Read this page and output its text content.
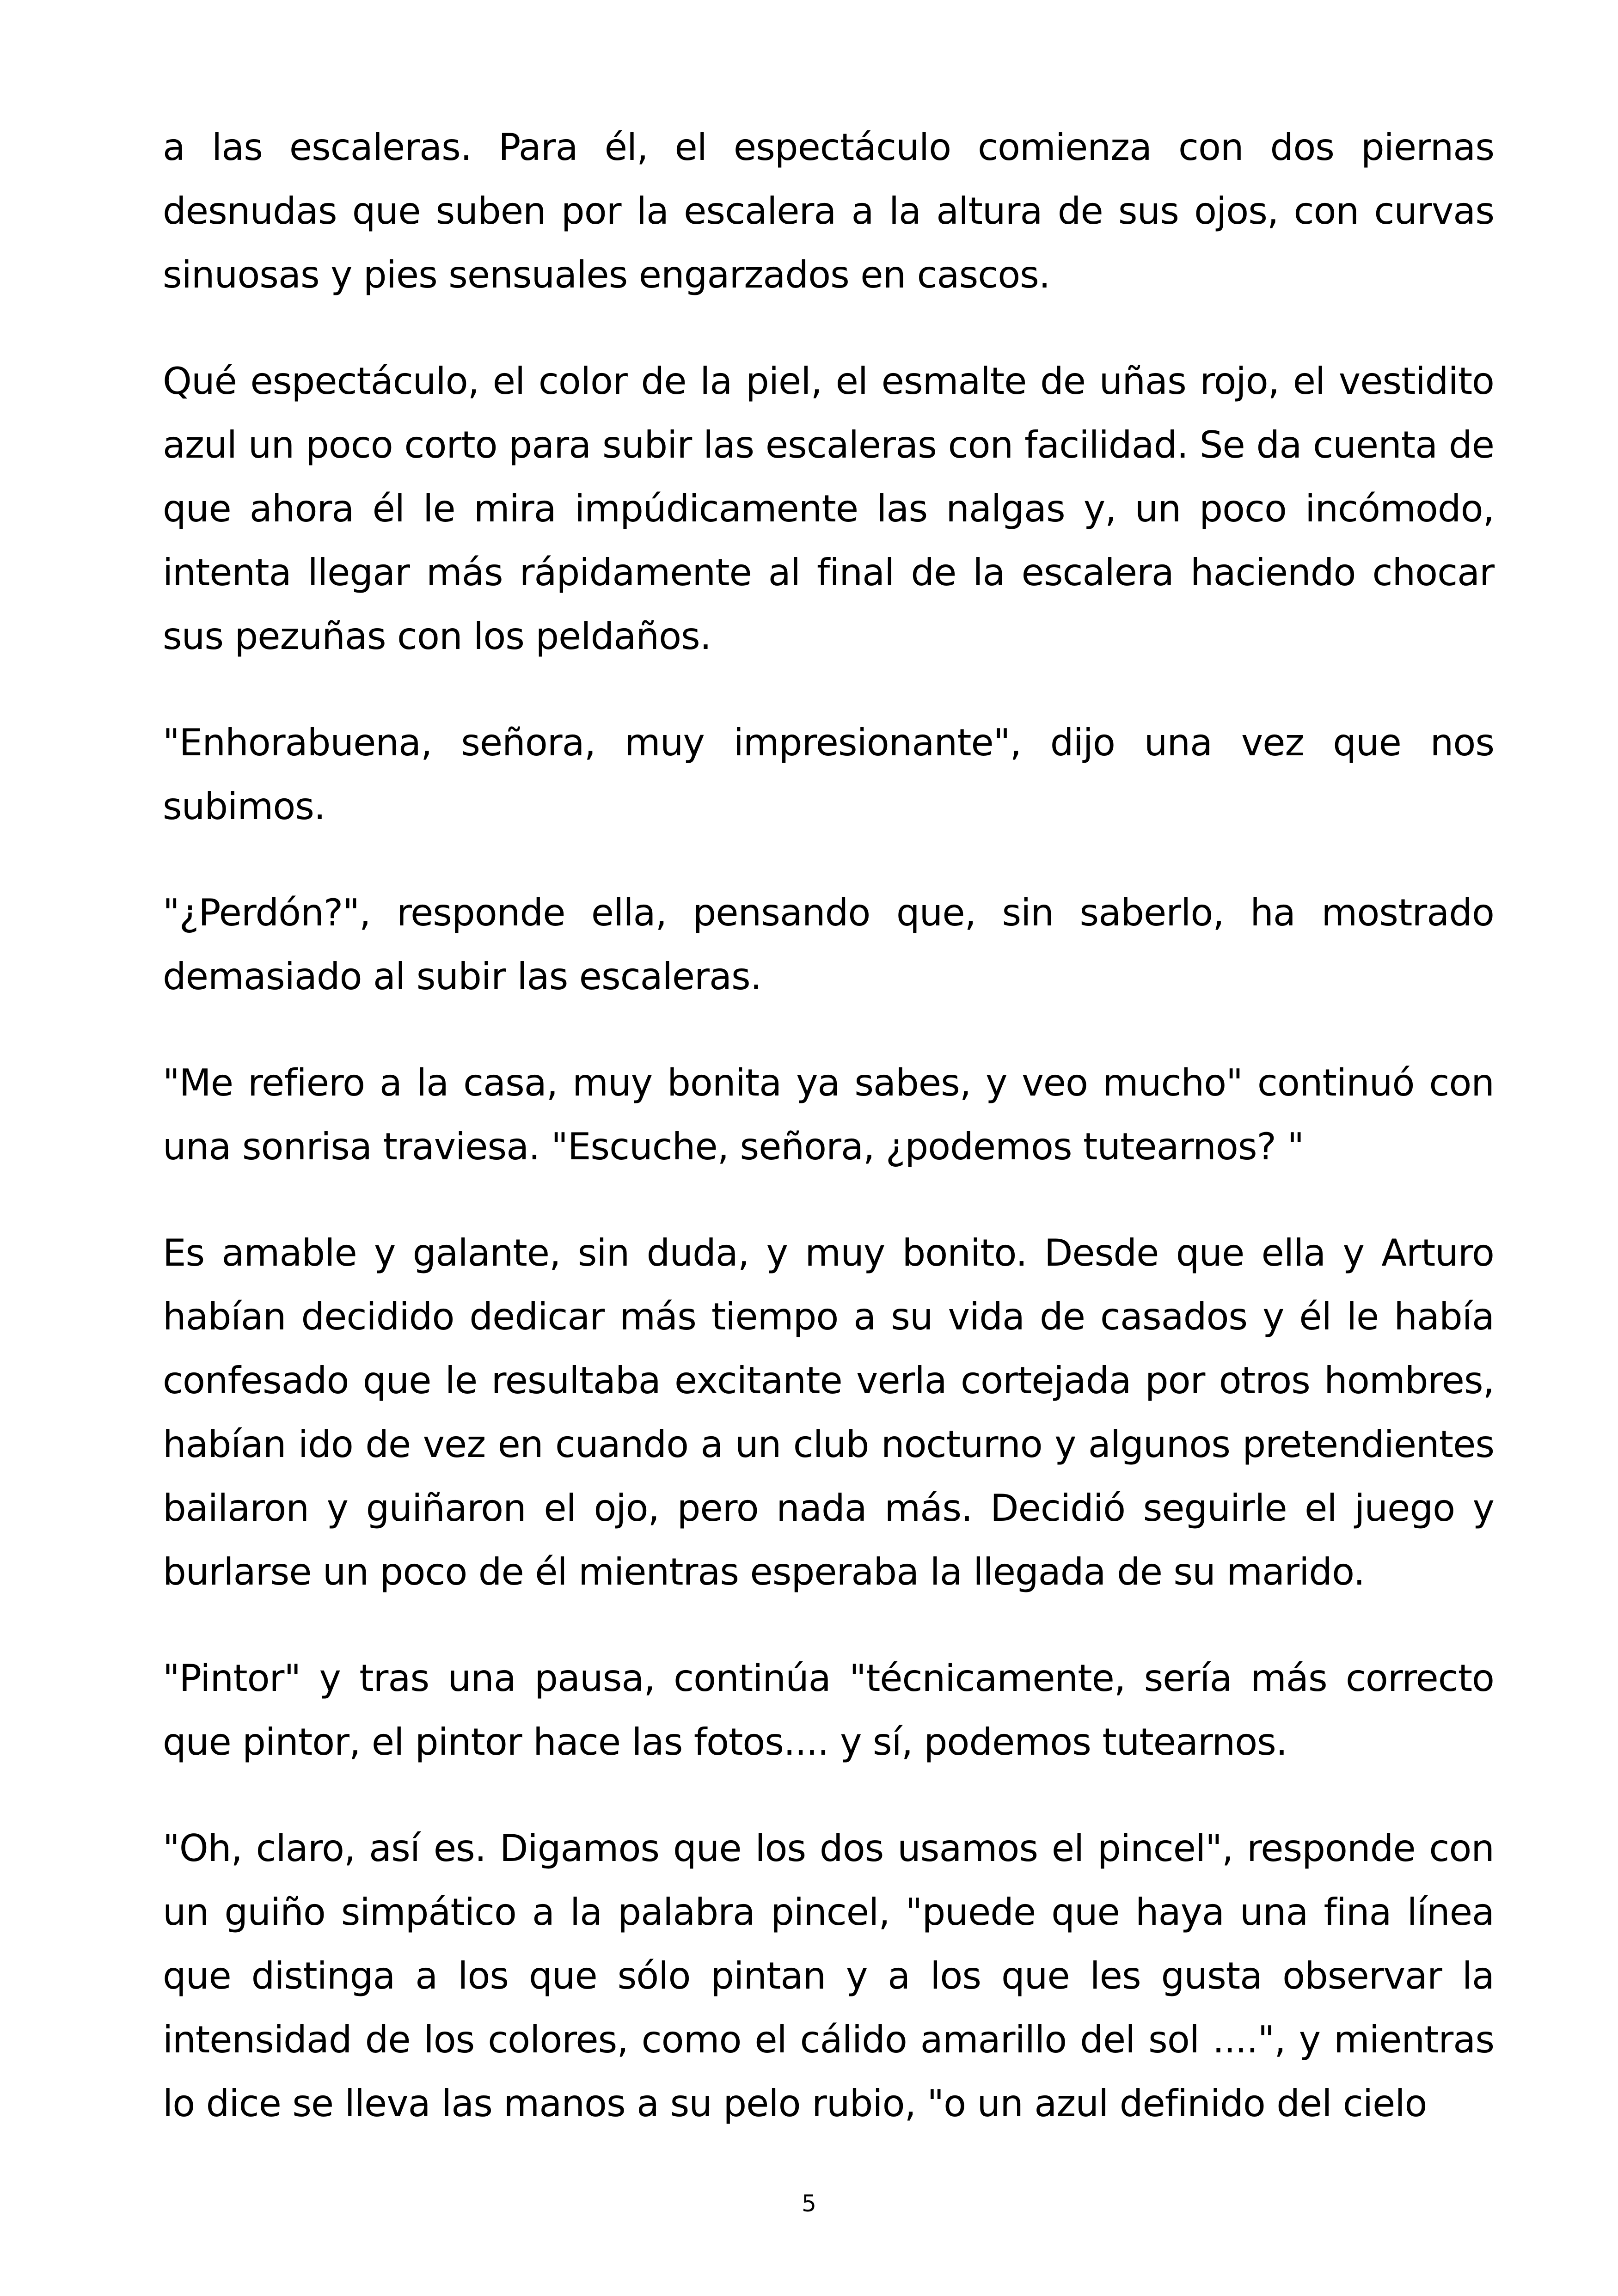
a las escaleras. Para él, el espectáculo comienza con dos piernas desnudas que suben por la escalera a la altura de sus ojos, con curvas sinuosas y pies sensuales engarzados en cascos.

Qué espectáculo, el color de la piel, el esmalte de uñas rojo, el vestidito azul un poco corto para subir las escaleras con facilidad. Se da cuenta de que ahora él le mira impúdicamente las nalgas y, un poco incómodo, intenta llegar más rápidamente al final de la escalera haciendo chocar sus pezuñas con los peldaños.

"Enhorabuena, señora, muy impresionante", dijo una vez que nos subimos.

"¿Perdón?", responde ella, pensando que, sin saberlo, ha mostrado demasiado al subir las escaleras.

"Me refiero a la casa, muy bonita ya sabes, y veo mucho" continuó con una sonrisa traviesa. "Escuche, señora, ¿podemos tutearnos? "

Es amable y galante, sin duda, y muy bonito. Desde que ella y Arturo habían decidido dedicar más tiempo a su vida de casados y él le había confesado que le resultaba excitante verla cortejada por otros hombres, habían ido de vez en cuando a un club nocturno y algunos pretendientes bailaron y guiñaron el ojo, pero nada más. Decidió seguirle el juego y burlarse un poco de él mientras esperaba la llegada de su marido.

"Pintor" y tras una pausa, continúa "técnicamente, sería más correcto que pintor, el pintor hace las fotos.... y sí, podemos tutearnos.

"Oh, claro, así es. Digamos que los dos usamos el pincel", responde con un guiño simpático a la palabra pincel, "puede que haya una fina línea que distinga a los que sólo pintan y a los que les gusta observar la intensidad de los colores, como el cálido amarillo del sol ....", y mientras lo dice se lleva las manos a su pelo rubio, "o un azul definido del cielo

5
